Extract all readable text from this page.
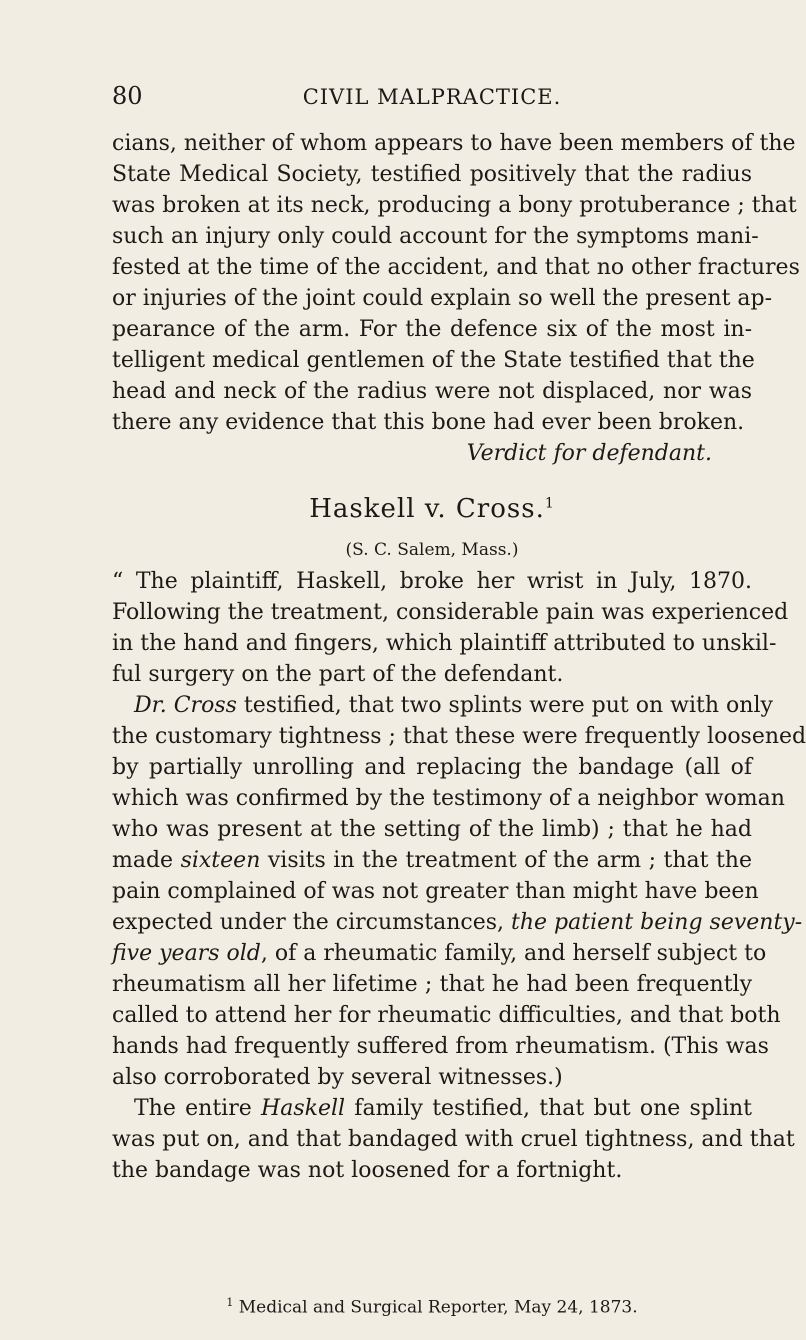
80	CIVIL MALPRACTICE.
cians, neither of whom appears to have been members of the
State Medical Society, testified positively that the radius
was broken at its neck, producing a bony protuberance ; that
such an injury only could account for the symptoms mani-
fested at the time of the accident, and that no other fractures
or injuries of the joint could explain so well the present ap-
pearance of the arm. For the defence six of the most in-
telligent medical gentlemen of the State testified that the
head and neck of the radius were not displaced, nor was
there any evidence that this bone had ever been broken.
Verdict for defendant.
Haskell v. Cross.$^1$
(S. C. Salem, Mass.)
“ The plaintiff, Haskell, broke her wrist in July, 1870.
Following the treatment, considerable pain was experienced
in the hand and fingers, which plaintiff attributed to unskil-
ful surgery on the part of the defendant.
Dr. Cross testified, that two splints were put on with only
the customary tightness ; that these were frequently loosened
by partially unrolling and replacing the bandage (all of
which was confirmed by the testimony of a neighbor woman
who was present at the setting of the limb) ; that he had
made sixteen visits in the treatment of the arm ; that the
pain complained of was not greater than might have been
expected under the circumstances, the patient being seventy-
five years old, of a rheumatic family, and herself subject to
rheumatism all her lifetime ; that he had been frequently
called to attend her for rheumatic difficulties, and that both
hands had frequently suffered from rheumatism. (This was
also corroborated by several witnesses.)
The entire Haskell family testified, that but one splint
was put on, and that bandaged with cruel tightness, and that
the bandage was not loosened for a fortnight.
$^1$ Medical and Surgical Reporter, May 24, 1873.
